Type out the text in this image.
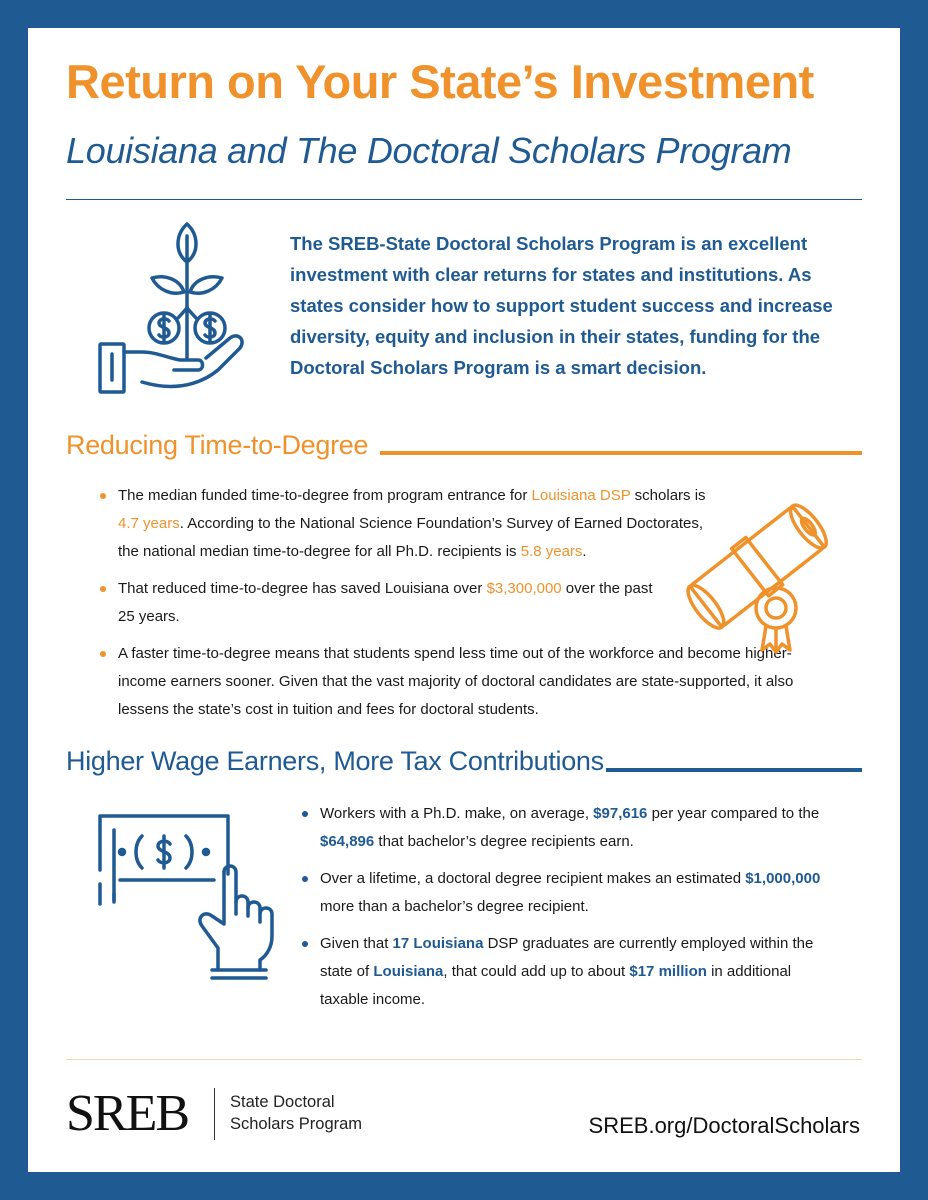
Return on Your State’s Investment
Louisiana and The Doctoral Scholars Program
The SREB-State Doctoral Scholars Program is an excellent investment with clear returns for states and institutions. As states consider how to support student success and increase diversity, equity and inclusion in their states, funding for the Doctoral Scholars Program is a smart decision.
Reducing Time-to-Degree
The median funded time-to-degree from program entrance for Louisiana DSP scholars is 4.7 years. According to the National Science Foundation’s Survey of Earned Doctorates, the national median time-to-degree for all Ph.D. recipients is 5.8 years.
That reduced time-to-degree has saved Louisiana over $3,300,000 over the past 25 years.
A faster time-to-degree means that students spend less time out of the workforce and become higher-income earners sooner. Given that the vast majority of doctoral candidates are state-supported, it also lessens the state’s cost in tuition and fees for doctoral students.
Higher Wage Earners, More Tax Contributions
Workers with a Ph.D. make, on average, $97,616 per year compared to the $64,896 that bachelor’s degree recipients earn.
Over a lifetime, a doctoral degree recipient makes an estimated $1,000,000 more than a bachelor’s degree recipient.
Given that 17 Louisiana DSP graduates are currently employed within the state of Louisiana, that could add up to about $17 million in additional taxable income.
SREB	State Doctoral
Scholars Program	SREB.org/DoctoralScholars
